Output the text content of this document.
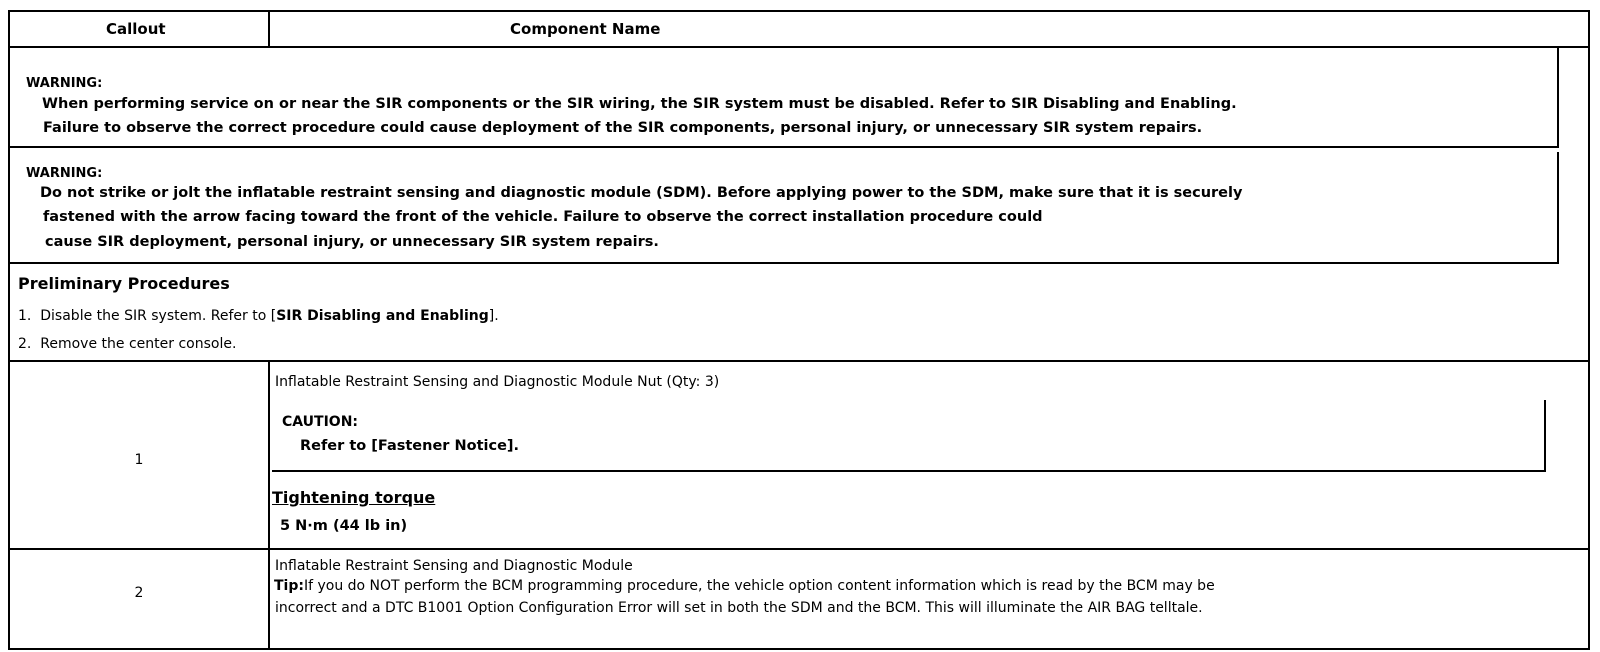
Callout	Component Name
WARNING:
When performing service on or near the SIR components or the SIR wiring, the SIR system must be disabled. Refer to SIR Disabling and Enabling.
Failure to observe the correct procedure could cause deployment of the SIR components, personal injury, or unnecessary SIR system repairs.
WARNING:
Do not strike or jolt the inflatable restraint sensing and diagnostic module (SDM). Before applying power to the SDM, make sure that it is securely
fastened with the arrow facing toward the front of the vehicle. Failure to observe the correct installation procedure could
cause SIR deployment, personal injury, or unnecessary SIR system repairs.
Preliminary Procedures
1. Disable the SIR system. Refer to [SIR Disabling and Enabling].
2. Remove the center console.
1
Inflatable Restraint Sensing and Diagnostic Module Nut (Qty: 3)
CAUTION:
Refer to [Fastener Notice].
Tightening torque
5 N·m (44 lb in)
2
Inflatable Restraint Sensing and Diagnostic Module
Tip:If you do NOT perform the BCM programming procedure, the vehicle option content information which is read by the BCM may be
incorrect and a DTC B1001 Option Configuration Error will set in both the SDM and the BCM. This will illuminate the AIR BAG telltale.
